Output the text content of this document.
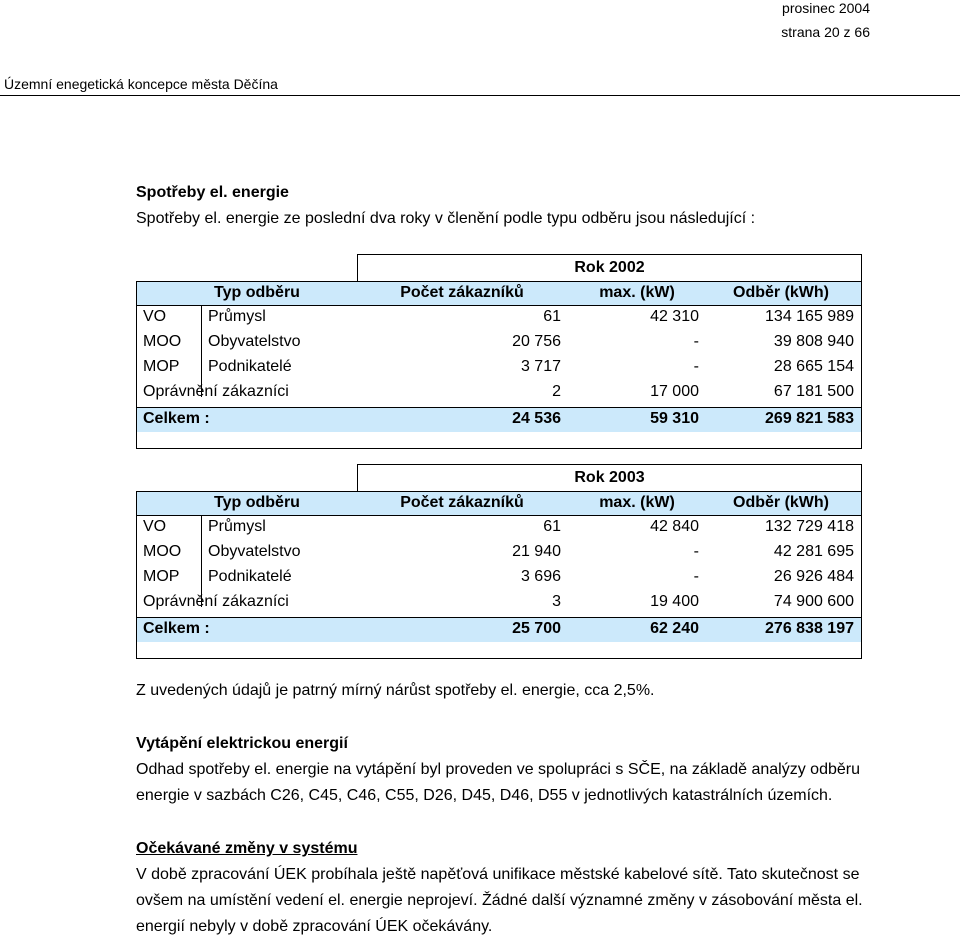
prosinec 2004
strana 20 z 66
Územní enegetická koncepce města Děčína
Spotřeby el. energie
Spotřeby el. energie ze poslední dva roky v členění podle typu odběru jsou následující :
Rok 2002
Typ odběru	Počet zákazníků	max. (kW)	Odběr (kWh)
VO	Průmysl	61	42 310	134 165 989
MOO Obyvatelstvo	20 756	-	39 808 940
MOP Podnikatelé	3 717	-	28 665 154
Oprávnění zákazníci	2	17 000	67 181 500
Celkem :	24 536	59 310	269 821 583
Rok 2003
Typ odběru	Počet zákazníků	max. (kW)	Odběr (kWh)
VO	Průmysl	61	42 840	132 729 418
MOO Obyvatelstvo	21 940	-	42 281 695
MOP Podnikatelé	3 696	-	26 926 484
Oprávnění zákazníci	3	19 400	74 900 600
Celkem :	25 700	62 240	276 838 197
Z uvedených údajů je patrný mírný nárůst spotřeby el. energie, cca 2,5%.
Vytápění elektrickou energií
Odhad spotřeby el. energie na vytápění byl proveden ve spolupráci s SČE, na základě analýzy odběru
energie v sazbách C26, C45, C46, C55, D26, D45, D46, D55 v jednotlivých katastrálních územích.
Očekávané změny v systému
V době zpracování ÚEK probíhala ještě napěťová unifikace městské kabelové sítě. Tato skutečnost se
ovšem na umístění vedení el. energie neprojeví. Žádné další významné změny v zásobování města el.
energií nebyly v době zpracování ÚEK očekávány.
